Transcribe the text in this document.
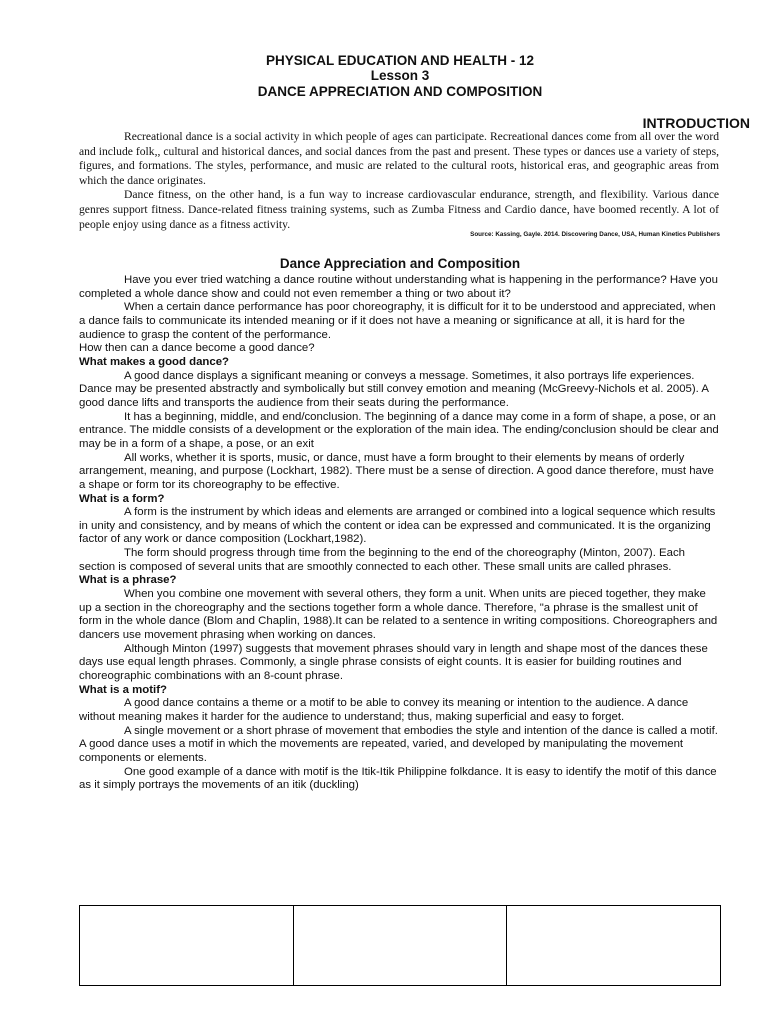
PHYSICAL EDUCATION AND HEALTH - 12
Lesson 3
DANCE APPRECIATION AND COMPOSITION
INTRODUCTION

Recreational dance is a social activity in which people of ages can participate. Recreational dances come from all over the word and include folk,, cultural and historical dances, and social dances from the past and present. These types or dances use a variety of steps, figures, and formations. The styles, performance, and music are related to the cultural roots, historical eras, and geographic areas from which the dance originates.

Dance fitness, on the other hand, is a fun way to increase cardiovascular endurance, strength, and flexibility. Various dance genres support fitness. Dance-related fitness training systems, such as Zumba Fitness and Cardio dance, have boomed recently. A lot of people enjoy using dance as a fitness activity.

Source: Kassing, Gayle. 2014. Discovering Dance, USA, Human Kinetics Publishers
Dance Appreciation and Composition

Have you ever tried watching a dance routine without understanding what is happening in the performance? Have you completed a whole dance show and could not even remember a thing or two about it?

When a certain dance performance has poor choreography, it is difficult for it to be understood and appreciated, when a dance fails to communicate its intended meaning or if it does not have a meaning or significance at all, it is hard for the audience to grasp the content of the performance.

How then can a dance become a good dance?

What makes a good dance?

A good dance displays a significant meaning or conveys a message. Sometimes, it also portrays life experiences. Dance may be presented abstractly and symbolically but still convey emotion and meaning (McGreevy-Nichols et al. 2005). A good dance lifts and transports the audience from their seats during the performance.

It has a beginning, middle, and end/conclusion. The beginning of a dance may come in a form of shape, a pose, or an entrance. The middle consists of a development or the exploration of the main idea. The ending/conclusion should be clear and may be in a form of a shape, a pose, or an exit

All works, whether it is sports, music, or dance, must have a form brought to their elements by means of orderly arrangement, meaning, and purpose (Lockhart, 1982). There must be a sense of direction. A good dance therefore, must have a shape or form tor its choreography to be effective.

What is a form?

A form is the instrument by which ideas and elements are arranged or combined into a logical sequence which results in unity and consistency, and by means of which the content or idea can be expressed and communicated. It is the organizing factor of any work or dance composition (Lockhart,1982).

The form should progress through time from the beginning to the end of the choreography (Minton, 2007). Each section is composed of several units that are smoothly connected to each other. These small units are called phrases.

What is a phrase?

When you combine one movement with several others, they form a unit. When units are pieced together, they make up a section in the choreography and the sections together form a whole dance. Therefore, "a phrase is the smallest unit of form in the whole dance (Blom and Chaplin, 1988).It can be related to a sentence in writing compositions. Choreographers and dancers use movement phrasing when working on dances.

Although Minton (1997) suggests that movement phrases should vary in length and shape most of the dances these days use equal length phrases. Commonly, a single phrase consists of eight counts. It is easier for building routines and choreographic combinations with an 8-count phrase.

What is a motif?

A good dance contains a theme or a motif to be able to convey its meaning or intention to the audience. A dance without meaning makes it harder for the audience to understand; thus, making superficial and easy to forget.

A single movement or a short phrase of movement that embodies the style and intention of the dance is called a motif. A good dance uses a motif in which the movements are repeated, varied, and developed by manipulating the movement components or elements.

One good example of a dance with motif is the Itik-Itik Philippine folkdance. It is easy to identify the motif of this dance as it simply portrays the movements of an itik (duckling)
